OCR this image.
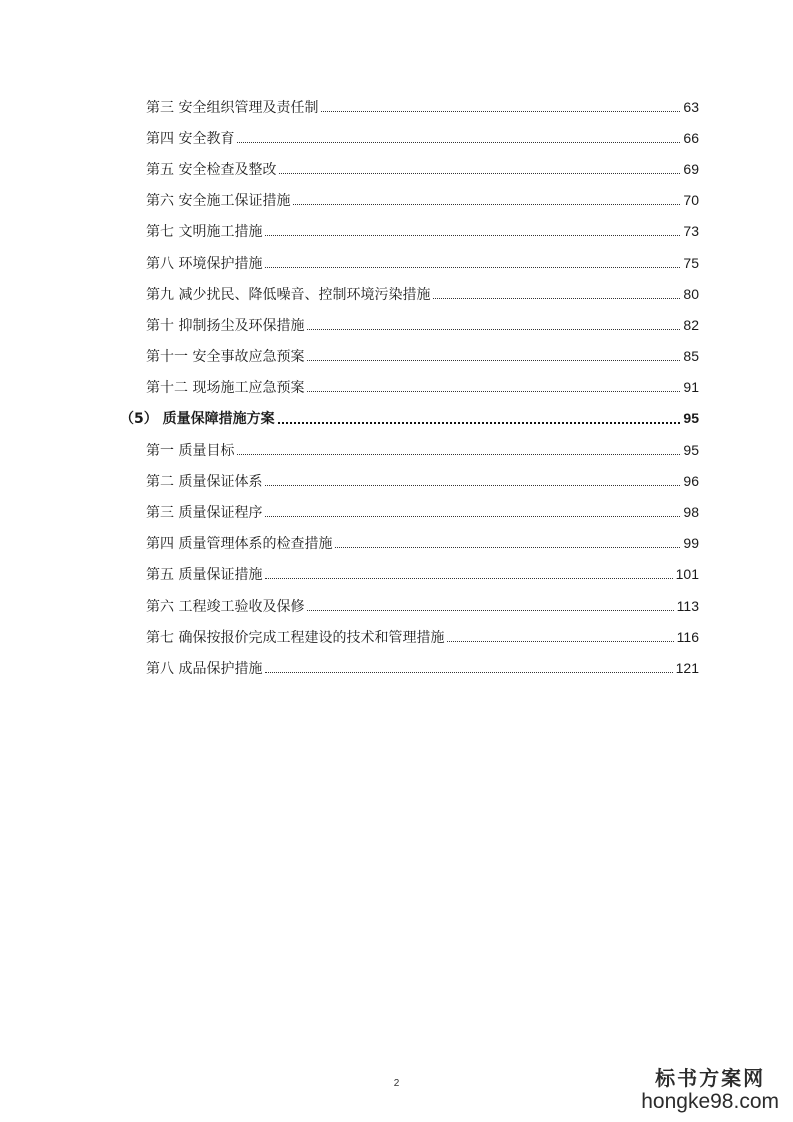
第三 安全组织管理及责任制	63
第四 安全教育	66
第五 安全检查及整改	69
第六 安全施工保证措施	70
第七 文明施工措施	73
第八 环境保护措施	75
第九 减少扰民、降低噪音、控制环境污染措施	80
第十 抑制扬尘及环保措施	82
第十一 安全事故应急预案	85
第十二 现场施工应急预案	91
（5） 质量保障措施方案	95
第一 质量目标	95
第二 质量保证体系	96
第三 质量保证程序	98
第四 质量管理体系的检查措施	99
第五 质量保证措施	101
第六 工程竣工验收及保修	113
第七 确保按报价完成工程建设的技术和管理措施	116
第八 成品保护措施	121
2	标书方案网
hongke98.com
